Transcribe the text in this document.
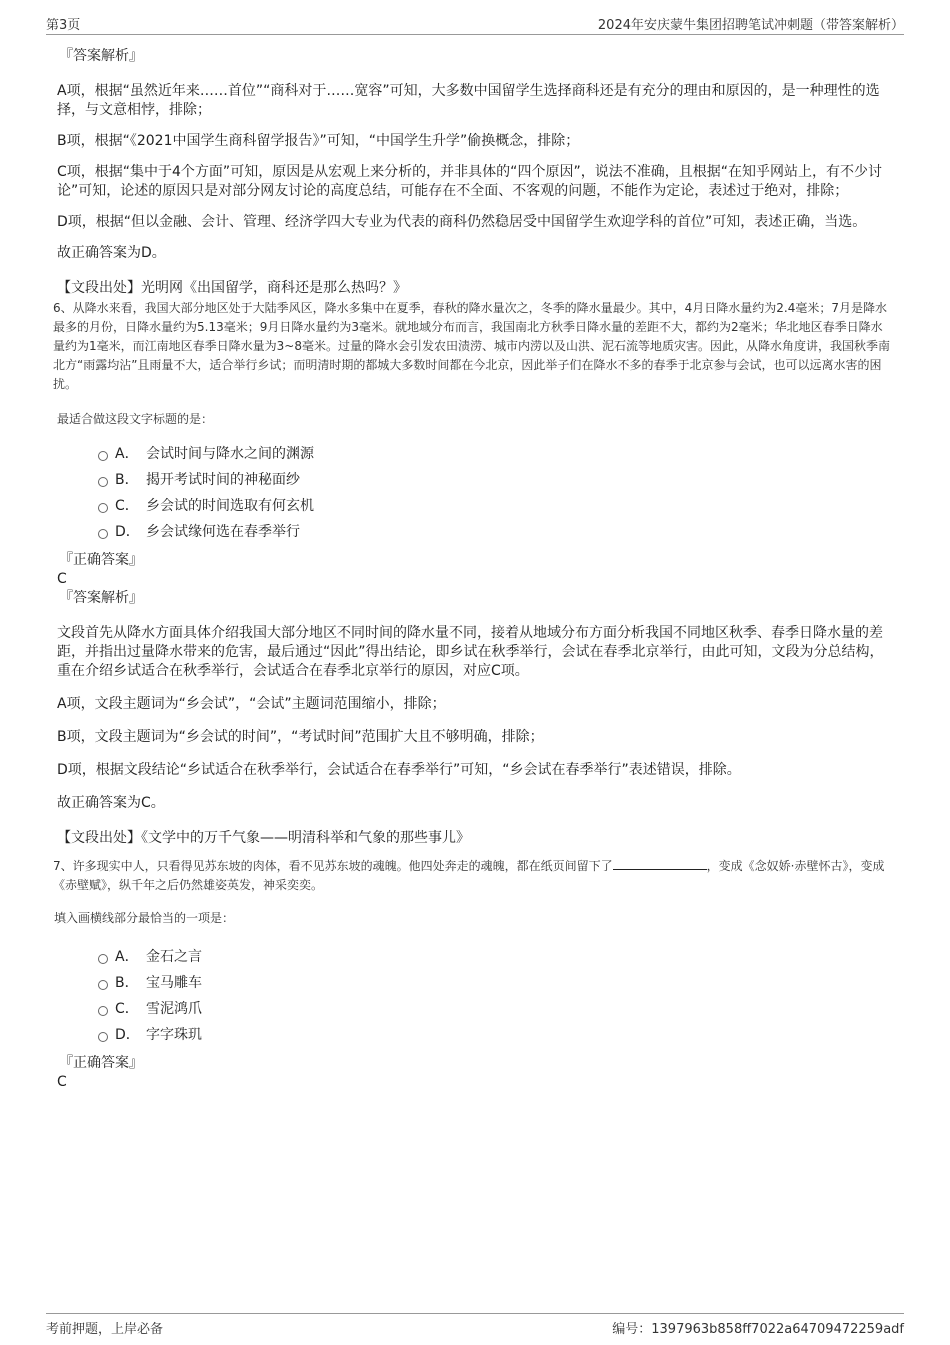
第3页	2024年安庆蒙牛集团招聘笔试冲刺题（带答案解析）

『答案解析』

A项，根据“虽然近年来……首位”“商科对于……宽容”可知，大多数中国留学生选择商科还是有充分的理由和原因的，是一种理性的选择，与文意相悖，排除；

B项，根据“《2021中国学生商科留学报告》”可知，“中国学生升学”偷换概念，排除；

C项，根据“集中于4个方面”可知，原因是从宏观上来分析的，并非具体的“四个原因”，说法不准确，且根据“在知乎网站上，有不少讨论”可知，论述的原因只是对部分网友讨论的高度总结，可能存在不全面、不客观的问题，不能作为定论，表述过于绝对，排除；

D项，根据“但以金融、会计、管理、经济学四大专业为代表的商科仍然稳居受中国留学生欢迎学科的首位”可知，表述正确，当选。

故正确答案为D。

【文段出处】光明网《出国留学，商科还是那么热吗？》

6、从降水来看，我国大部分地区处于大陆季风区，降水多集中在夏季，春秋的降水量次之，冬季的降水量最少。其中，4月日降水量约为2.4毫米；7月是降水最多的月份，日降水量约为5.13毫米；9月日降水量约为3毫米。就地域分布而言，我国南北方秋季日降水量的差距不大，都约为2毫米；华北地区春季日降水量约为1毫米，而江南地区春季日降水量为3~8毫米。过量的降水会引发农田渍涝、城市内涝以及山洪、泥石流等地质灾害。因此，从降水角度讲，我国秋季南北方“雨露均沾”且雨量不大，适合举行乡试；而明清时期的都城大多数时间都在今北京，因此举子们在降水不多的春季于北京参与会试，也可以远离水害的困扰。

最适合做这段文字标题的是：

A． 会试时间与降水之间的渊源
B． 揭开考试时间的神秘面纱
C． 乡会试的时间选取有何玄机
D． 乡会试缘何选在春季举行

『正确答案』

C

『答案解析』

文段首先从降水方面具体介绍我国大部分地区不同时间的降水量不同，接着从地域分布方面分析我国不同地区秋季、春季日降水量的差距，并指出过量降水带来的危害，最后通过“因此”得出结论，即乡试在秋季举行，会试在春季北京举行，由此可知，文段为分总结构，重在介绍乡试适合在秋季举行，会试适合在春季北京举行的原因，对应C项。

A项，文段主题词为“乡会试”，“会试”主题词范围缩小，排除；

B项，文段主题词为“乡会试的时间”，“考试时间”范围扩大且不够明确，排除；

D项，根据文段结论“乡试适合在秋季举行，会试适合在春季举行”可知，“乡会试在春季举行”表述错误，排除。

故正确答案为C。

【文段出处】《文学中的万千气象——明清科举和气象的那些事儿》

7、许多现实中人，只看得见苏东坡的肉体，看不见苏东坡的魂魄。他四处奔走的魂魄，都在纸页间留下了	，变成《念奴娇·赤壁怀古》，变成《赤壁赋》，纵千年之后仍然雄姿英发，神采奕奕。

填入画横线部分最恰当的一项是：

A． 金石之言
B． 宝马雕车
C． 雪泥鸿爪
D． 字字珠玑

『正确答案』

C

考前押题，上岸必备	编号：1397963b858ff7022a64709472259adf
